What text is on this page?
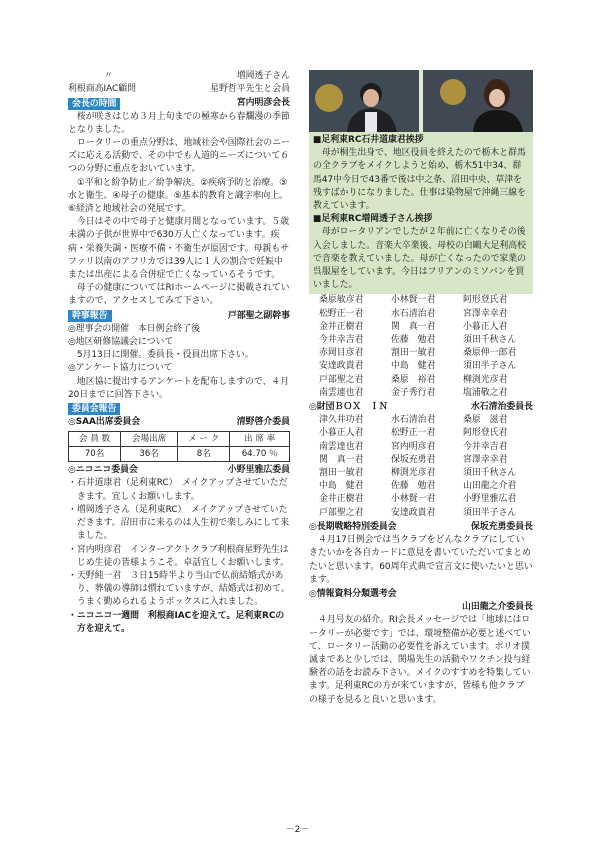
〃	増岡透子さん
利根商高IAC顧問	星野哲平先生と会員
会長の時間	宮内明彦会長

桜が咲きはじめ３月上旬までの極寒から春爛漫の季節となりました。

ロータリーの重点分野は、地域社会や国際社会のニーズに応える活動で、その中でも人道的ニーズについて６つの分野に重点をおいています。

①平和と紛争防止／紛争解決。②疾病予防と治療。③水と衛生。④母子の健康。⑤基本的教育と識字率向上。⑥経済と地域社会の発展です。

今日はその中で母子と健康月間となっています。５歳未満の子供が世界中で630万人亡くなっています。疾病・栄養失調・医療不備・不衛生が原因です。母親もサファリ以南のアフリカでは39人に１人の割合で妊娠中または出産による合併症で亡くなっているそうです。

母子の健康についてはRIホームページに掲載されていますので、アクセスしてみて下さい。

幹事報告	戸部聖之副幹事

◎理事会の開催　本日例会終了後

◎地区研修協議会について

5月13日に開催。委員長・役員出席下さい。

◎アンケート協力について

地区協に提出するアンケートを配布しますので、４月20日までに回答下さい。

委員会報告
◎SAA出席委員会	清野啓介委員
会 員 数	会場出席	メ ー ク	出 席 率
70名	36名	8名	64.70 ％
◎ニコニコ委員会	小野里雅広委員

・石井道康君（足利東RC）　メイクアップさせていただきます。宜しくお願いします。

・増岡透子さん（足利東RC）　メイクアップさせていただきます。沼田市に来るのは人生初で楽しみにして来ました。

・宮内明彦君　インターアクトクラブ利根商星野先生はじめ生徒の皆様ようこそ。卓話宜しくお願いします。

・天野純一君　３日15時半より当山で仏前結婚式があり、葬儀の導師は慣れていますが、結婚式は初めて。うまく勤められるようボックスに入れました。

・ニコニコ一週間　利根商IACを迎えて。足利東RCの方を迎えて。

■足利東RC石井道康君挨拶

母が桐生出身で、地区役員を終えたので栃木と群馬の全クラブをメイクしようと始め、栃木51中34、群馬47中今日で43番で後は中之条、沼田中央、草津を残すばかりになりました。仕事は染物屋で沖縄三線を教えています。

■足利東RC増岡透子さん挨拶

母がロータリアンでしたが２年前に亡くなりその後入会しました。音楽大卒業後、母校の白鷗大足利高校で音楽を教えていました。母が亡くなったので家業の呉服屋をしています。今日はフリアンのミソバンを買いました。

桑原敏彦君	小林賢一君	阿形登氏君
松野正一君	水石清治君	宮澤幸幸君
金井正樹君	関　真一君	小暮正人君
今井幸吉君	佐藤　勉君	須田千秋さん
赤岡目彦君	割田一敏君	桑原伸一郎君
安達政貴君	中島　健君	須田半子さん
戸部聖之君	桑原　裕君	柳渕光彦君
南雲連也君	金子秀行君	塩浦敬之君
◎財団ＢＯＸ　ＩＮ	水石清治委員長
津久井功君	水石清治君	桑原　滋君
小暮正人君	松野正一君	阿形登氏君
南雲達也君	宮内明彦君	今井幸吉君
関　真一君	保坂充勇君	宮澤幸幸君
割田一敏君	柳渕光彦君	須田千秋さん
中島　健君	佐藤　勉君	山田龍之介君
金井正樹君	小林賢一君	小野里雅広君
戸部聖之君	安達政貴君	須田半子さん
◎長期戦略特別委員会	保坂充勇委員長

４月17日例会では当クラブをどんなクラブにしていきたいかを各自カードに意見を書いていただいてまとめたいと思います。60周年式典で宣言文に使いたいと思います。

◎情報資料分類選考会
山田龍之介委員長

４月号友の紹介。RI会長メッセージでは「地球にはロータリーが必要です」では、環境整備が必要と述べていて、ロータリー活動の必要性を訴えています。ポリオ撲滅まであと少しでは、関場先生の活動やワクチン投与経験者の話をお読み下さい。メイクのすすめを特集しています。足利東RCの方が来ていますが、皆様も他クラブの様子を見ると良いと思います。

－2－
